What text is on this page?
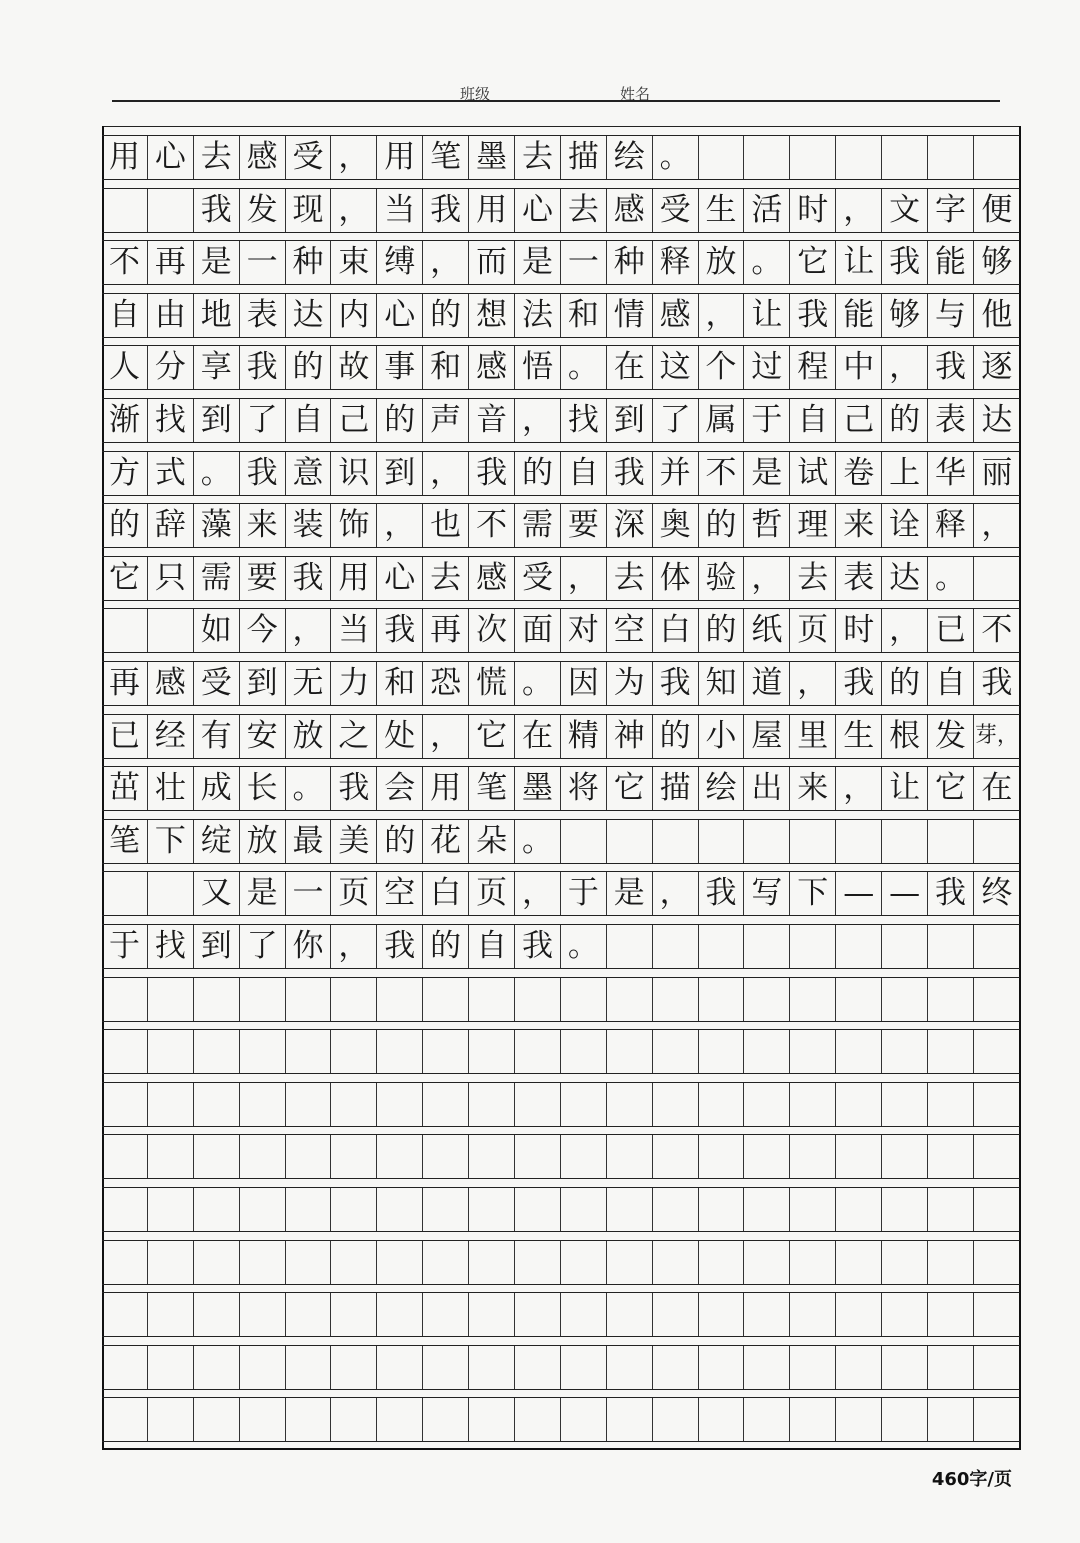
班级	姓名
用 心 去 感 受 ， 用 笔 墨 去 描 绘 。
我 发 现 ， 当 我 用 心 去 感 受 生 活 时 ， 文 字 便
不 再 是 一 种 束 缚 ， 而 是 一 种 释 放 。 它 让 我 能 够
自 由 地 表 达 内 心 的 想 法 和 情 感 ， 让 我 能 够 与 他
人 分 享 我 的 故 事 和 感 悟 。 在 这 个 过 程 中 ， 我 逐
渐 找 到 了 自 己 的 声 音 ， 找 到 了 属 于 自 己 的 表 达
方 式 。 我 意 识 到 ， 我 的 自 我 并 不 是 试 卷 上 华 丽
的 辞 藻 来 装 饰 ， 也 不 需 要 深 奥 的 哲 理 来 诠 释 ，
它 只 需 要 我 用 心 去 感 受 ， 去 体 验 ， 去 表 达 。
如 今 ， 当 我 再 次 面 对 空 白 的 纸 页 时 ， 已 不
再 感 受 到 无 力 和 恐 慌 。 因 为 我 知 道 ， 我 的 自 我
已 经 有 安 放 之 处 ， 它 在 精 神 的 小 屋 里 生 根 发 芽，
茁 壮 成 长 。 我 会 用 笔 墨 将 它 描 绘 出 来 ， 让 它 在
笔 下 绽 放 最 美 的 花 朵 。
又 是 一 页 空 白 页 ， 于 是 ， 我 写 下 — — 我 终
于 找 到 了 你 ， 我 的 自 我 。
460字/页
